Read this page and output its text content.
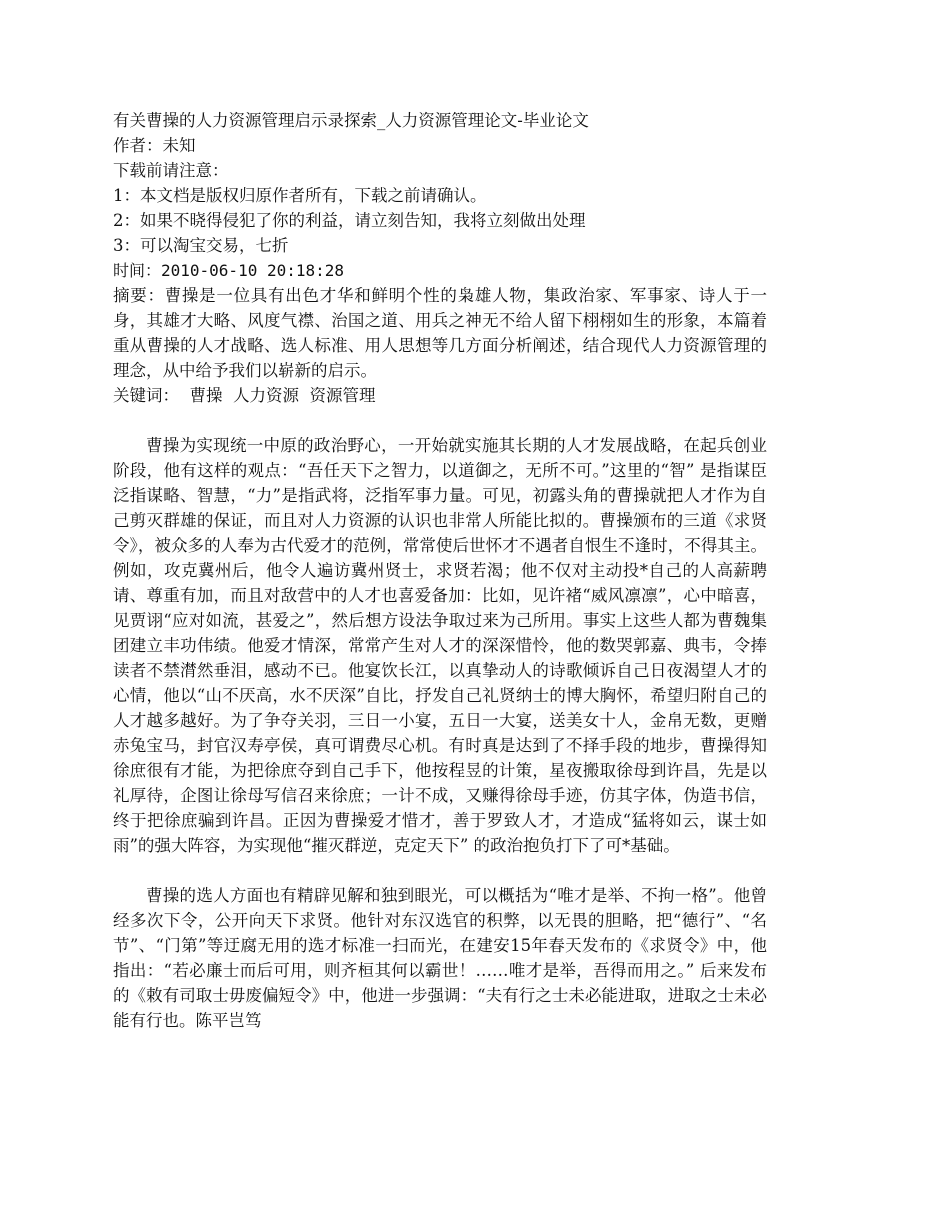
有关曹操的人力资源管理启示录探索_人力资源管理论文-毕业论文

作者：未知

下载前请注意：

1：本文档是版权归原作者所有，下载之前请确认。

2：如果不晓得侵犯了你的利益，请立刻告知，我将立刻做出处理

3：可以淘宝交易，七折

时间：2010-06-10 20:18:28

摘要：曹操是一位具有出色才华和鲜明个性的枭雄人物，集政治家、军事家、诗人于一身，其雄才大略、风度气襟、治国之道、用兵之神无不给人留下栩栩如生的形象，本篇着重从曹操的人才战略、选人标准、用人思想等几方面分析阐述，结合现代人力资源管理的理念，从中给予我们以崭新的启示。

关键词：  曹操  人力资源  资源管理

曹操为实现统一中原的政治野心，一开始就实施其长期的人才发展战略，在起兵创业阶段，他有这样的观点：“吾任天下之智力，以道御之，无所不可。”这里的“智” 是指谋臣泛指谋略、智慧，“力”是指武将，泛指军事力量。可见，初露头角的曹操就把人才作为自己剪灭群雄的保证，而且对人力资源的认识也非常人所能比拟的。曹操颁布的三道《求贤令》，被众多的人奉为古代爱才的范例，常常使后世怀才不遇者自恨生不逢时，不得其主。例如，攻克冀州后，他令人遍访冀州贤士，求贤若渴；他不仅对主动投*自己的人高薪聘请、尊重有加，而且对敌营中的人才也喜爱备加：比如，见许褚“威风凛凛”，心中暗喜，见贾诩“应对如流，甚爱之”，然后想方设法争取过来为己所用。事实上这些人都为曹魏集团建立丰功伟绩。他爱才情深，常常产生对人才的深深惜怜，他的数哭郭嘉、典韦，令捧读者不禁潸然垂泪，感动不已。他宴饮长江，以真挚动人的诗歌倾诉自己日夜渴望人才的心情，他以“山不厌高，水不厌深”自比，抒发自己礼贤纳士的博大胸怀，希望归附自己的人才越多越好。为了争夺关羽，三日一小宴，五日一大宴，送美女十人，金帛无数，更赠赤兔宝马，封官汉寿亭侯，真可谓费尽心机。有时真是达到了不择手段的地步，曹操得知徐庶很有才能，为把徐庶夺到自己手下，他按程昱的计策，星夜搬取徐母到许昌，先是以礼厚待，企图让徐母写信召来徐庶；一计不成，又赚得徐母手迹，仿其字体，伪造书信，终于把徐庶骗到许昌。正因为曹操爱才惜才，善于罗致人才，才造成“猛将如云，谋士如雨”的强大阵容，为实现他“摧灭群逆，克定天下” 的政治抱负打下了可*基础。

曹操的选人方面也有精辟见解和独到眼光，可以概括为“唯才是举、不拘一格”。他曾经多次下令，公开向天下求贤。他针对东汉选官的积弊，以无畏的胆略，把“德行”、“名节”、“门第”等迂腐无用的选才标准一扫而光，在建安15年春天发布的《求贤令》中，他指出：“若必廉士而后可用，则齐桓其何以霸世！……唯才是举，吾得而用之。” 后来发布的《敕有司取士毋废偏短令》中，他进一步强调：“夫有行之士未必能进取，进取之士未必能有行也。陈平岂笃
